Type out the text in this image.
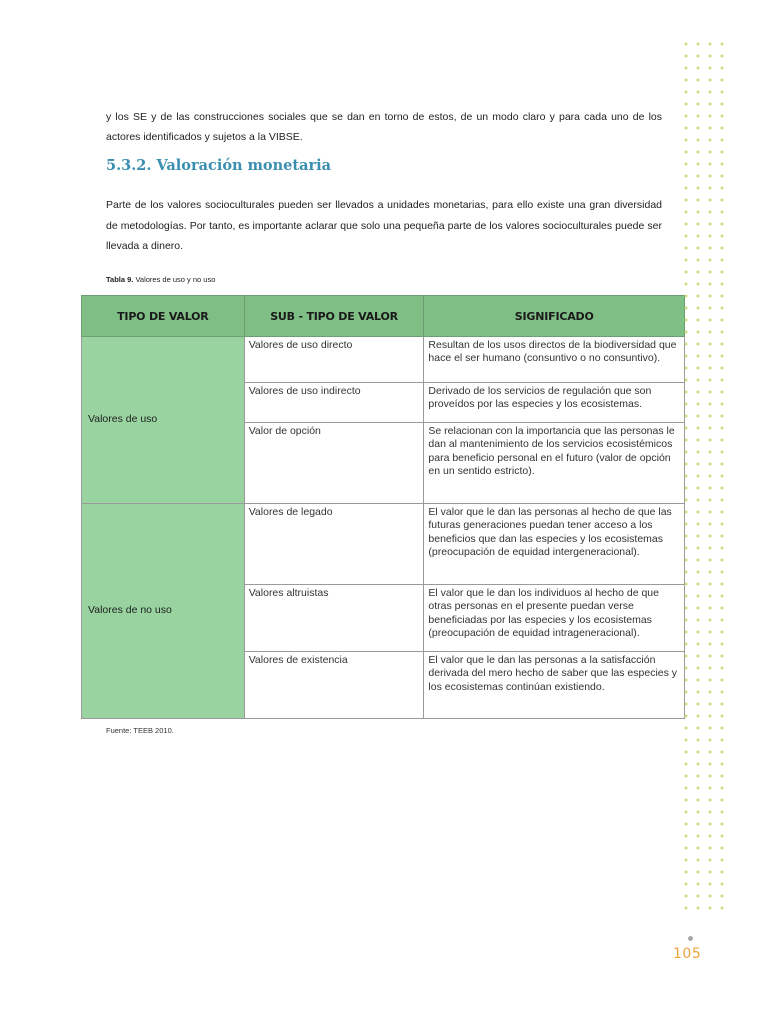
y los SE y de las construcciones sociales que se dan en torno de estos, de un modo claro y para cada uno de los actores identificados y sujetos a la VIBSE.

5.3.2. Valoración monetaria

Parte de los valores socioculturales pueden ser llevados a unidades monetarias, para ello existe una gran diversidad de metodologías. Por tanto, es importante aclarar que solo una pequeña parte de los valores socioculturales puede ser llevada a dinero.

Tabla 9. Valores de uso y no uso
TIPO DE VALOR	SUB - TIPO DE VALOR	SIGNIFICADO
Valores de uso	Valores de uso directo	Resultan de los usos directos de la biodiversidad que hace el ser humano (consuntivo o no consuntivo).
	Valores de uso indirecto	Derivado de los servicios de regulación que son proveídos por las especies y los ecosistemas.
	Valor de opción	Se relacionan con la importancia que las personas le dan al mantenimiento de los servicios ecosistémicos para beneficio personal en el futuro (valor de opción en un sentido estricto).
Valores de no uso	Valores de legado	El valor que le dan las personas al hecho de que las futuras generaciones puedan tener acceso a los beneficios que dan las especies y los ecosistemas (preocupación de equidad intergeneracional).
	Valores altruistas	El valor que le dan los individuos al hecho de que otras personas en el presente puedan verse beneficiadas por las especies y los ecosistemas (preocupación de equidad intrageneracional).
	Valores de existencia	El valor que le dan las personas a la satisfacción derivada del mero hecho de saber que las especies y los ecosistemas continúan existiendo.
Fuente: TEEB 2010.
105
